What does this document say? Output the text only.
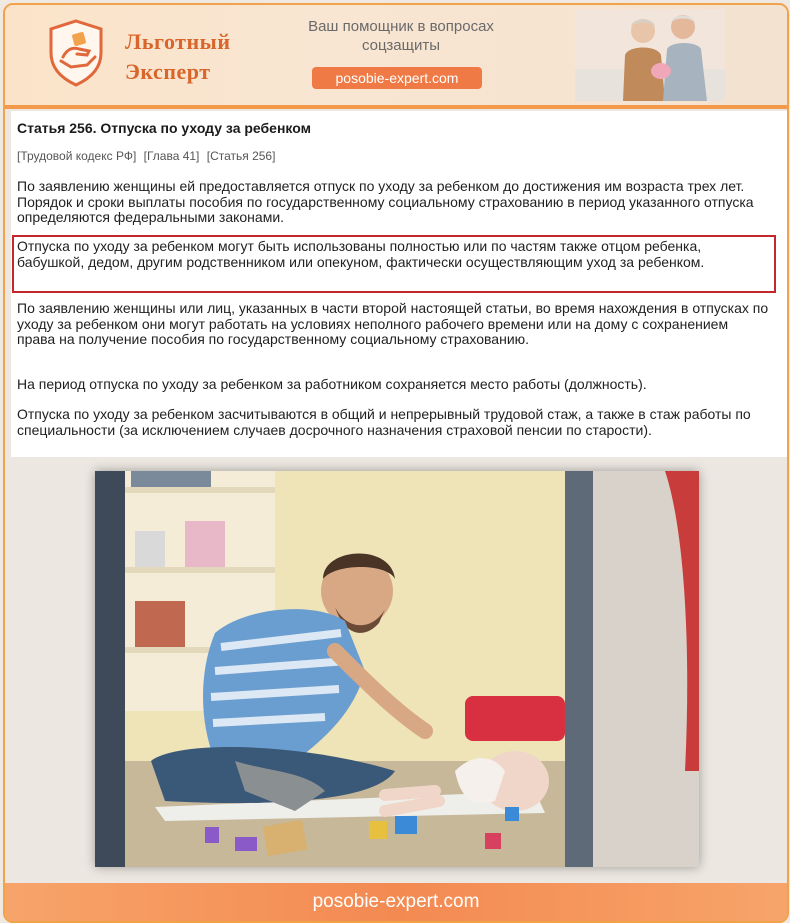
Льготный
Эксперт
Ваш помощник в вопросах соцзащиты
posobie-expert.com
Статья 256. Отпуска по уходу за ребенком
[Трудовой кодекс РФ] [Глава 41] [Статья 256]
По заявлению женщины ей предоставляется отпуск по уходу за ребенком до достижения им возраста трех лет. Порядок и сроки выплаты пособия по государственному социальному страхованию в период указанного отпуска определяются федеральными законами.
Отпуска по уходу за ребенком могут быть использованы полностью или по частям также отцом ребенка, бабушкой, дедом, другим родственником или опекуном, фактически осуществляющим уход за ребенком.
По заявлению женщины или лиц, указанных в части второй настоящей статьи, во время нахождения в отпусках по уходу за ребенком они могут работать на условиях неполного рабочего времени или на дому с сохранением права на получение пособия по государственному социальному страхованию.
На период отпуска по уходу за ребенком за работником сохраняется место работы (должность).
Отпуска по уходу за ребенком засчитываются в общий и непрерывный трудовой стаж, а также в стаж работы по специальности (за исключением случаев досрочного назначения страховой пенсии по старости).
posobie-expert.com
